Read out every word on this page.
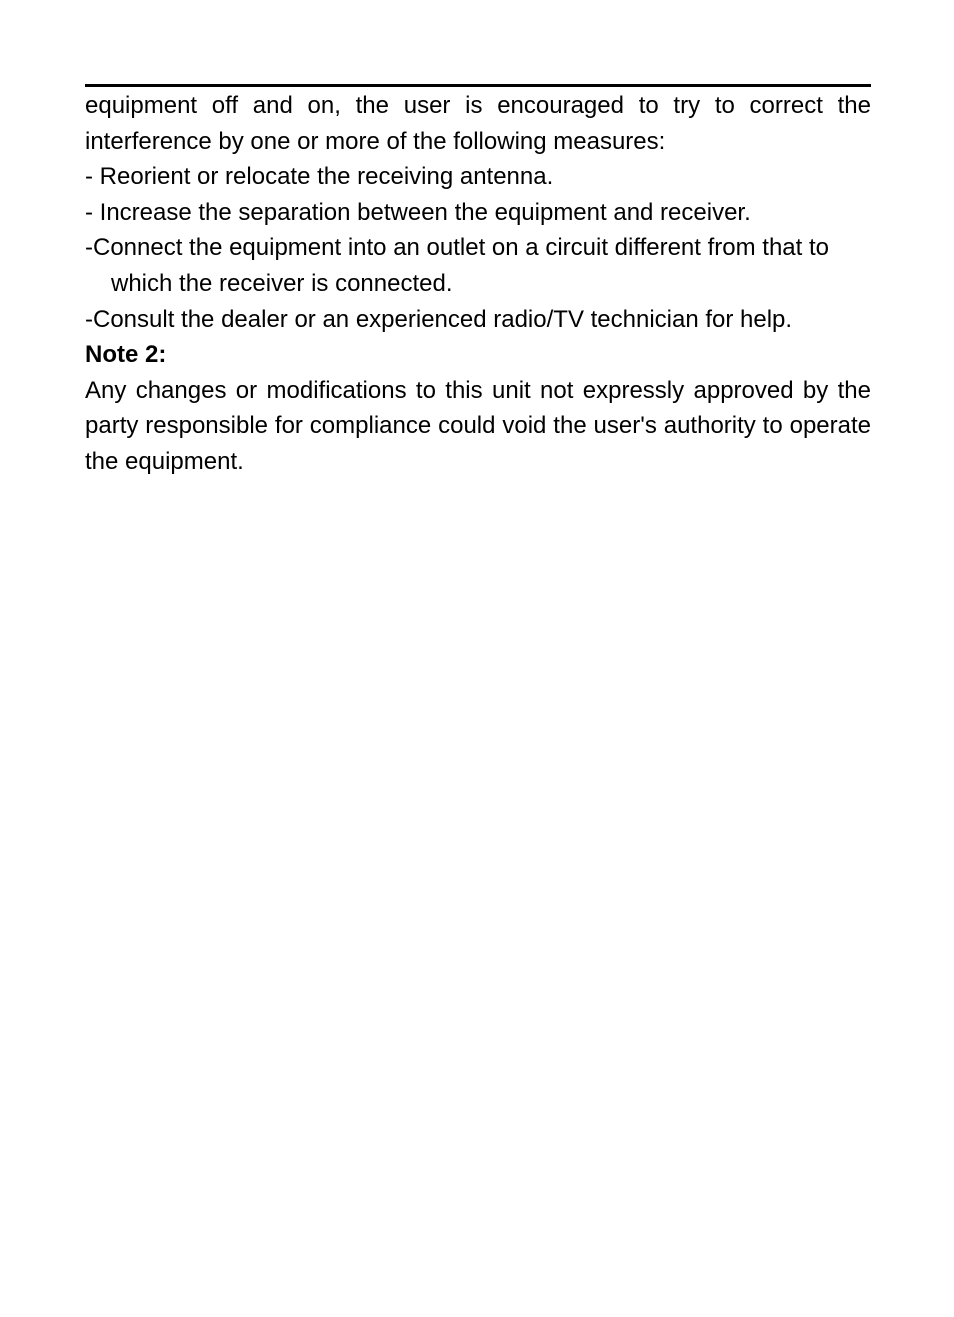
equipment off and on, the user is encouraged to try to correct the interference by one or more of the following measures:

- Reorient or relocate the receiving antenna.

- Increase the separation between the equipment and receiver.

-Connect the equipment into an outlet on a circuit different from that to which the receiver is connected.

-Consult the dealer or an experienced radio/TV technician for help.

Note 2:

Any changes or modifications to this unit not expressly approved by the party responsible for compliance could void the user's authority to operate the equipment.
